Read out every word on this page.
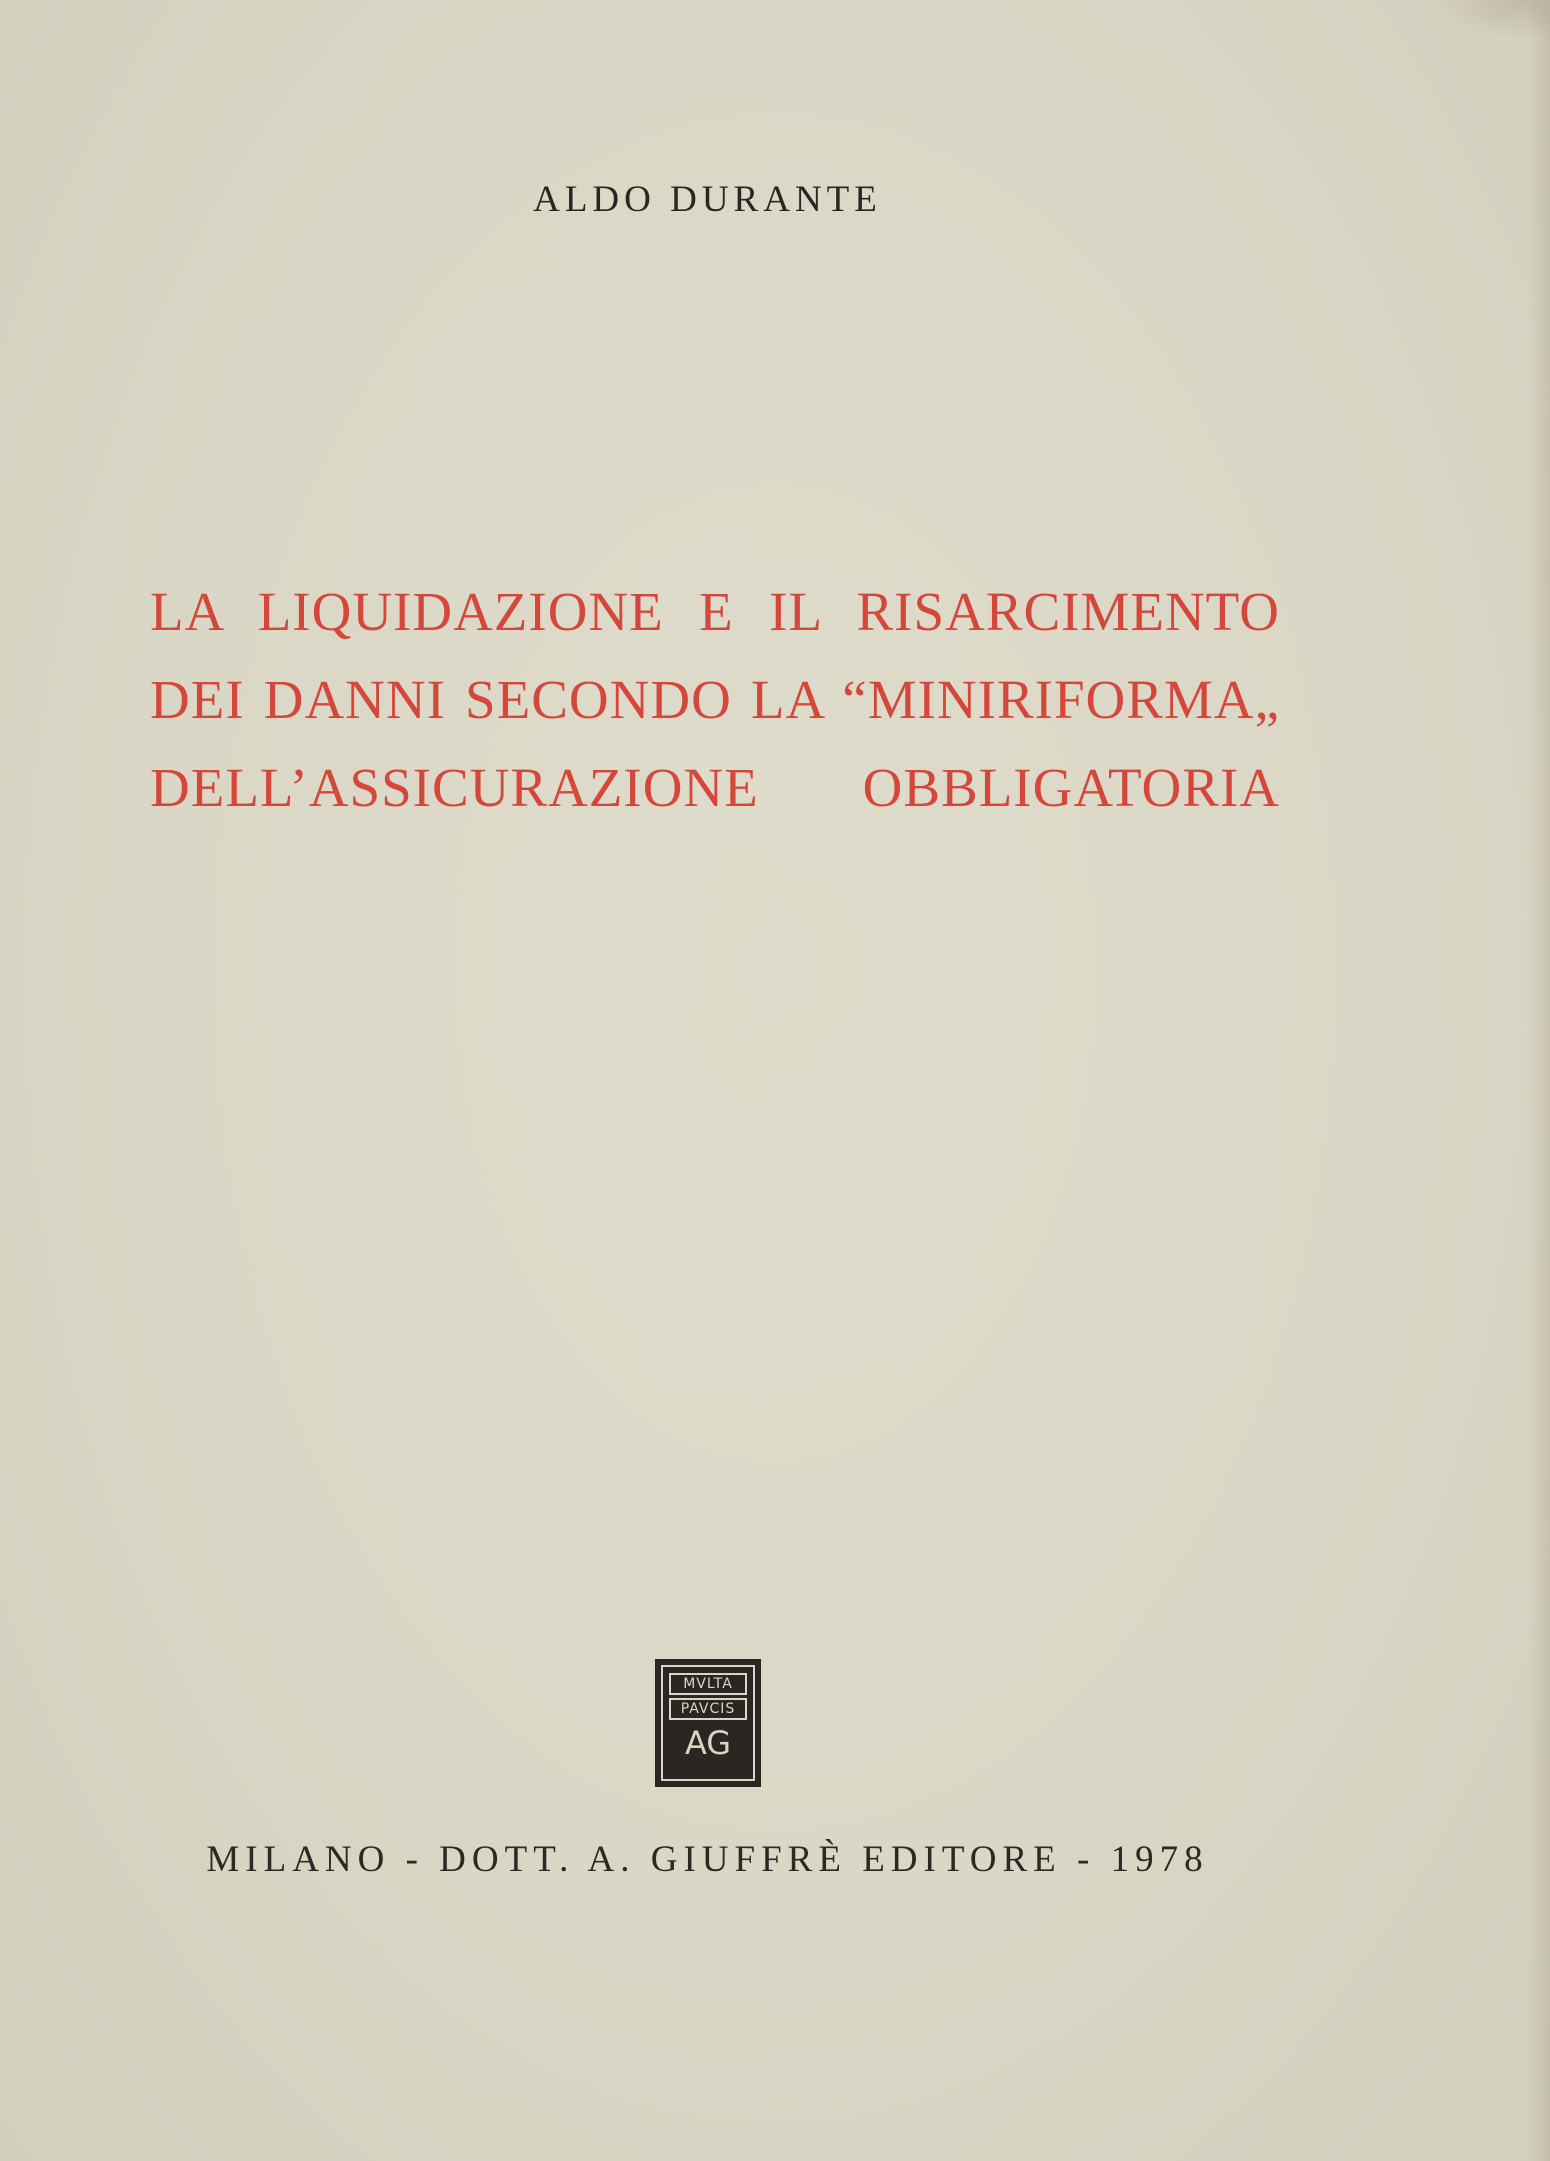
ALDO DURANTE
LA LIQUIDAZIONE E IL RISARCIMENTO
DEI DANNI SECONDO LA “MINIRIFORMA„
DELL’ASSICURAZIONE OBBLIGATORIA
MVLTA
PAVCIS
AG
MILANO - DOTT. A. GIUFFRÈ EDITORE - 1978
